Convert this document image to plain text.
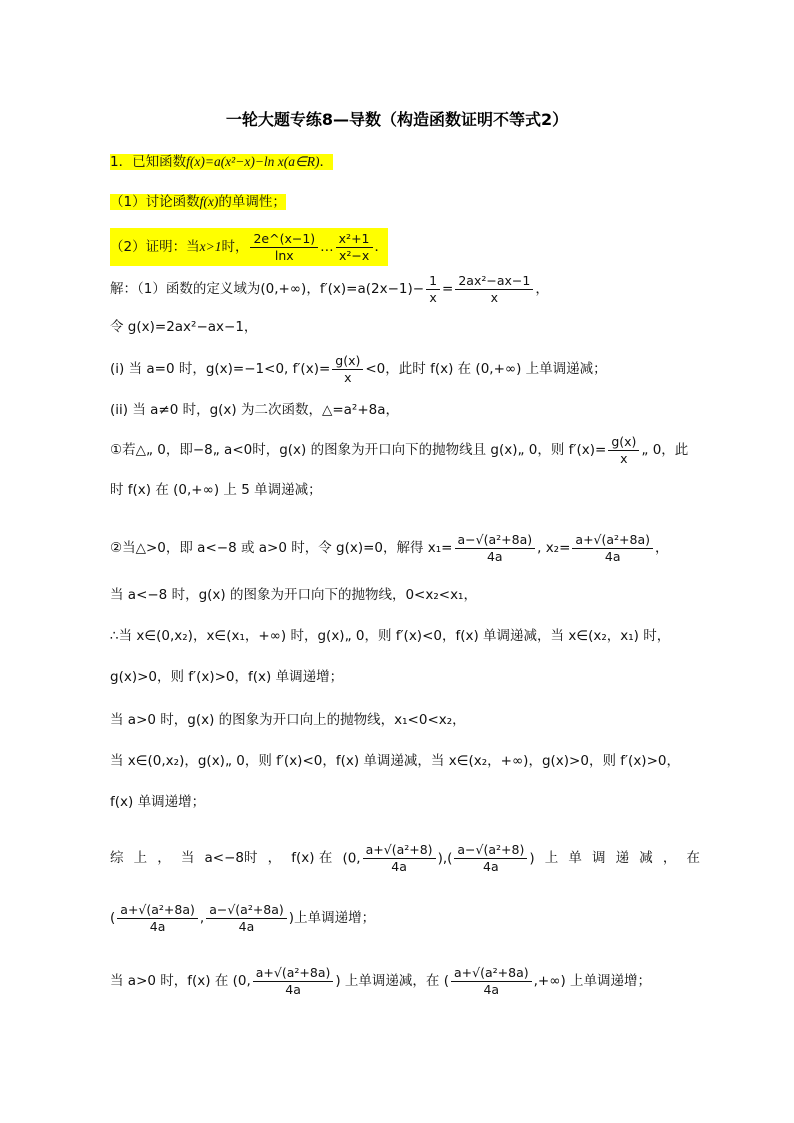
一轮大题专练8—导数（构造函数证明不等式2）
1．已知函数f(x)=a(x²−x)−ln x(a∈R)．
（1）讨论函数f(x)的单调性；
（2）证明：当x>1时， $\frac{2e\^{}(x-1)}{\ln x}$ … $\frac{\text{x²+1}}{\text{x²−x}}$ ．
解：（1）函数的定义域为(0,+∞)，$f'(x)=a(2x-1)- \frac{1}{x} = \frac{\text{2ax²−ax−1}}{x}$ ，
令 g(x)=2ax²−ax−1，
(i) 当 a=0 时，g(x)=−1<0, $f'(x)= \frac{g(x)}{x} <0$，此时 f(x) 在 (0,+∞) 上单调递减；
(ii) 当 a≠0 时，g(x) 为二次函数，△=a²+8a，
①若△„ 0，即−8„ a<0时，g(x) 的图象为开口向下的抛物线且 g(x)„ 0，则 $f'(x)= \frac{g(x)}{x}$ „ 0，此
时 f(x) 在 (0,+∞) 上 5 单调递减；
②当△>0，即 a<−8 或 a>0 时，令 g(x)=0，解得 $x_1= \frac{\text{a−√(a²+8a)}}{4a}$ , $x_2= \frac{\text{a+√(a²+8a)}}{4a}$ ，
当 a<−8 时，g(x) 的图象为开口向下的抛物线，0<x₂<x₁，
∴当 x∈(0,x₂)，x∈(x₁，+∞) 时，g(x)„ 0，则 f′(x)<0，f(x) 单调递减，当 x∈(x₂，x₁) 时，
g(x)>0，则 f′(x)>0，f(x) 单调递增；
当 a>0 时，g(x) 的图象为开口向上的抛物线，x₁<0<x₂，
当 x∈(0,x₂)，g(x)„ 0，则 f′(x)<0，f(x) 单调递减，当 x∈(x₂，+∞)，g(x)>0，则 f′(x)>0，
f(x) 单调递增；
综 上 ， 当 a<−8时 ， f(x) 在 (0, $\frac{\text{a+√(a²+8)}}{4a}$ ),( $\frac{\text{a−√(a²+8)}}{4a}$ ) 上 单 调 递 减 ， 在
( $\frac{\text{a+√(a²+8a)}}{4a}$ , $\frac{\text{a−√(a²+8a)}}{4a}$ )上单调递增；
当 a>0 时，f(x) 在 (0, $\frac{\text{a+√(a²+8a)}}{4a}$ ) 上单调递减，在 ( $\frac{\text{a+√(a²+8a)}}{4a}$ ,+∞) 上单调递增；
